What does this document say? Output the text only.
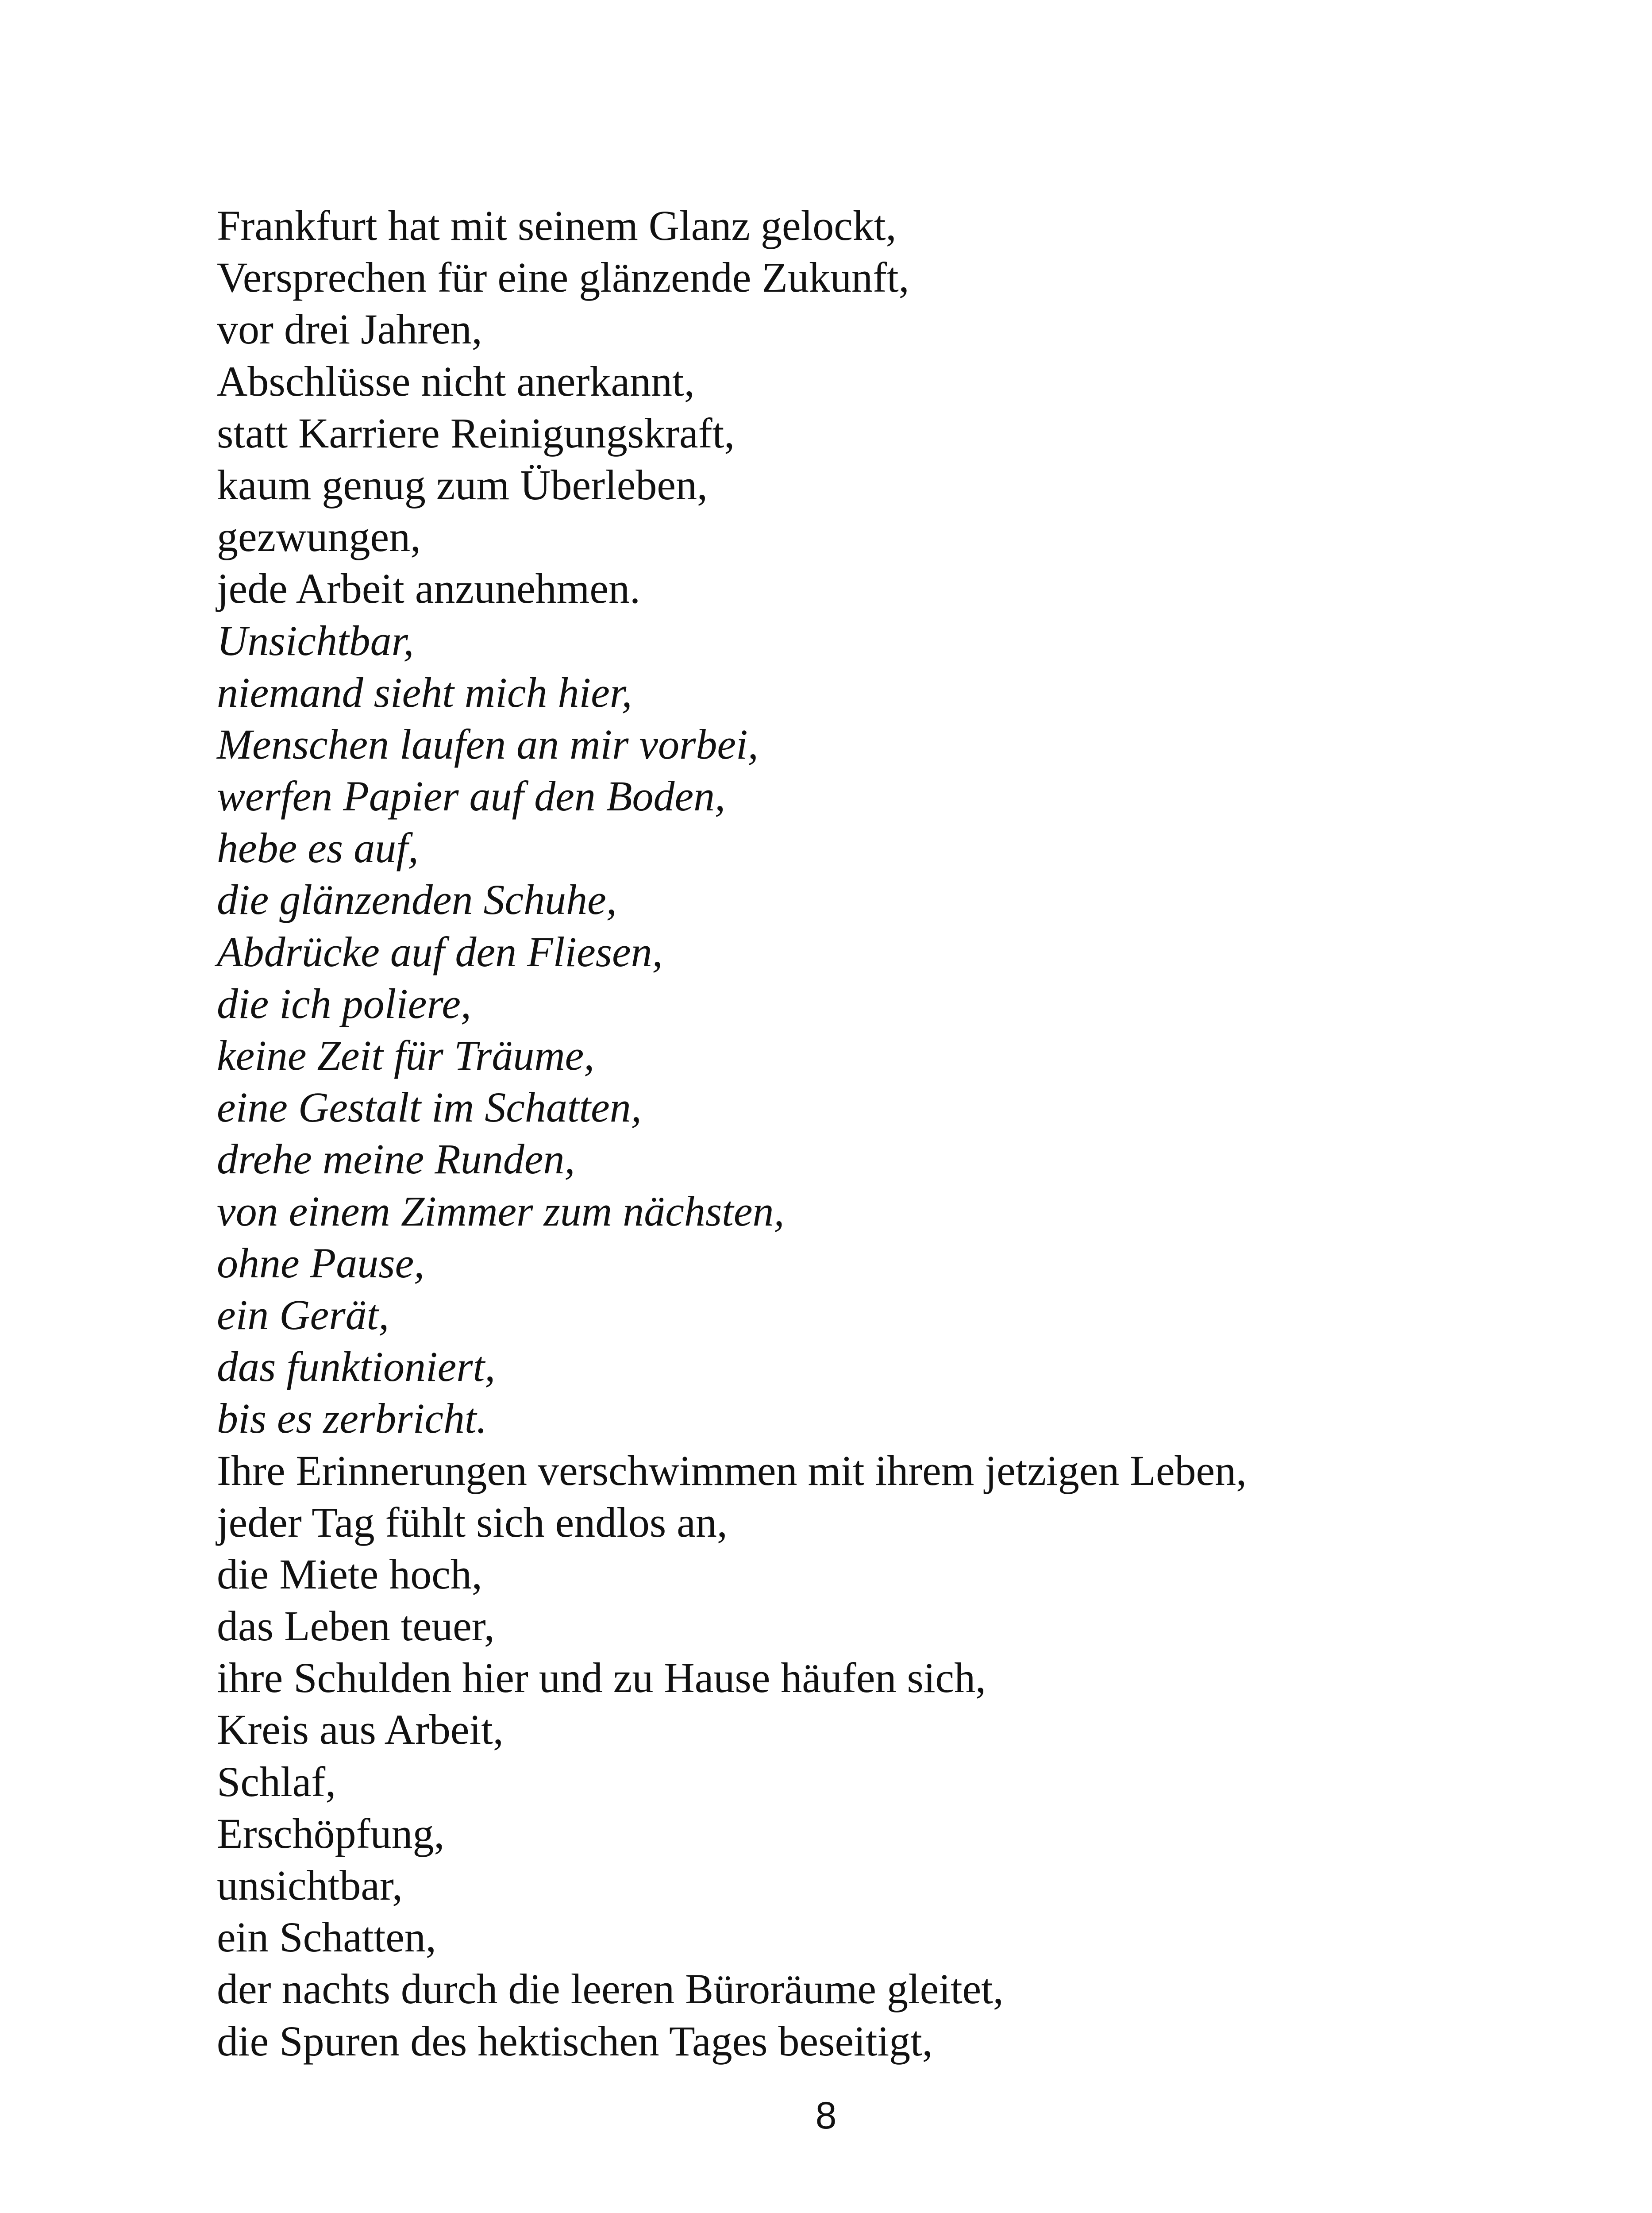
Frankfurt hat mit seinem Glanz gelockt,
Versprechen für eine glänzende Zukunft,
vor drei Jahren,
Abschlüsse nicht anerkannt,
statt Karriere Reinigungskraft,
kaum genug zum Überleben,
gezwungen,
jede Arbeit anzunehmen.
Unsichtbar,
niemand sieht mich hier,
Menschen laufen an mir vorbei,
werfen Papier auf den Boden,
hebe es auf,
die glänzenden Schuhe,
Abdrücke auf den Fliesen,
die ich poliere,
keine Zeit für Träume,
eine Gestalt im Schatten,
drehe meine Runden,
von einem Zimmer zum nächsten,
ohne Pause,
ein Gerät,
das funktioniert,
bis es zerbricht.
Ihre Erinnerungen verschwimmen mit ihrem jetzigen Leben,
jeder Tag fühlt sich endlos an,
die Miete hoch,
das Leben teuer,
ihre Schulden hier und zu Hause häufen sich,
Kreis aus Arbeit,
Schlaf,
Erschöpfung,
unsichtbar,
ein Schatten,
der nachts durch die leeren Büroräume gleitet,
die Spuren des hektischen Tages beseitigt,
8
